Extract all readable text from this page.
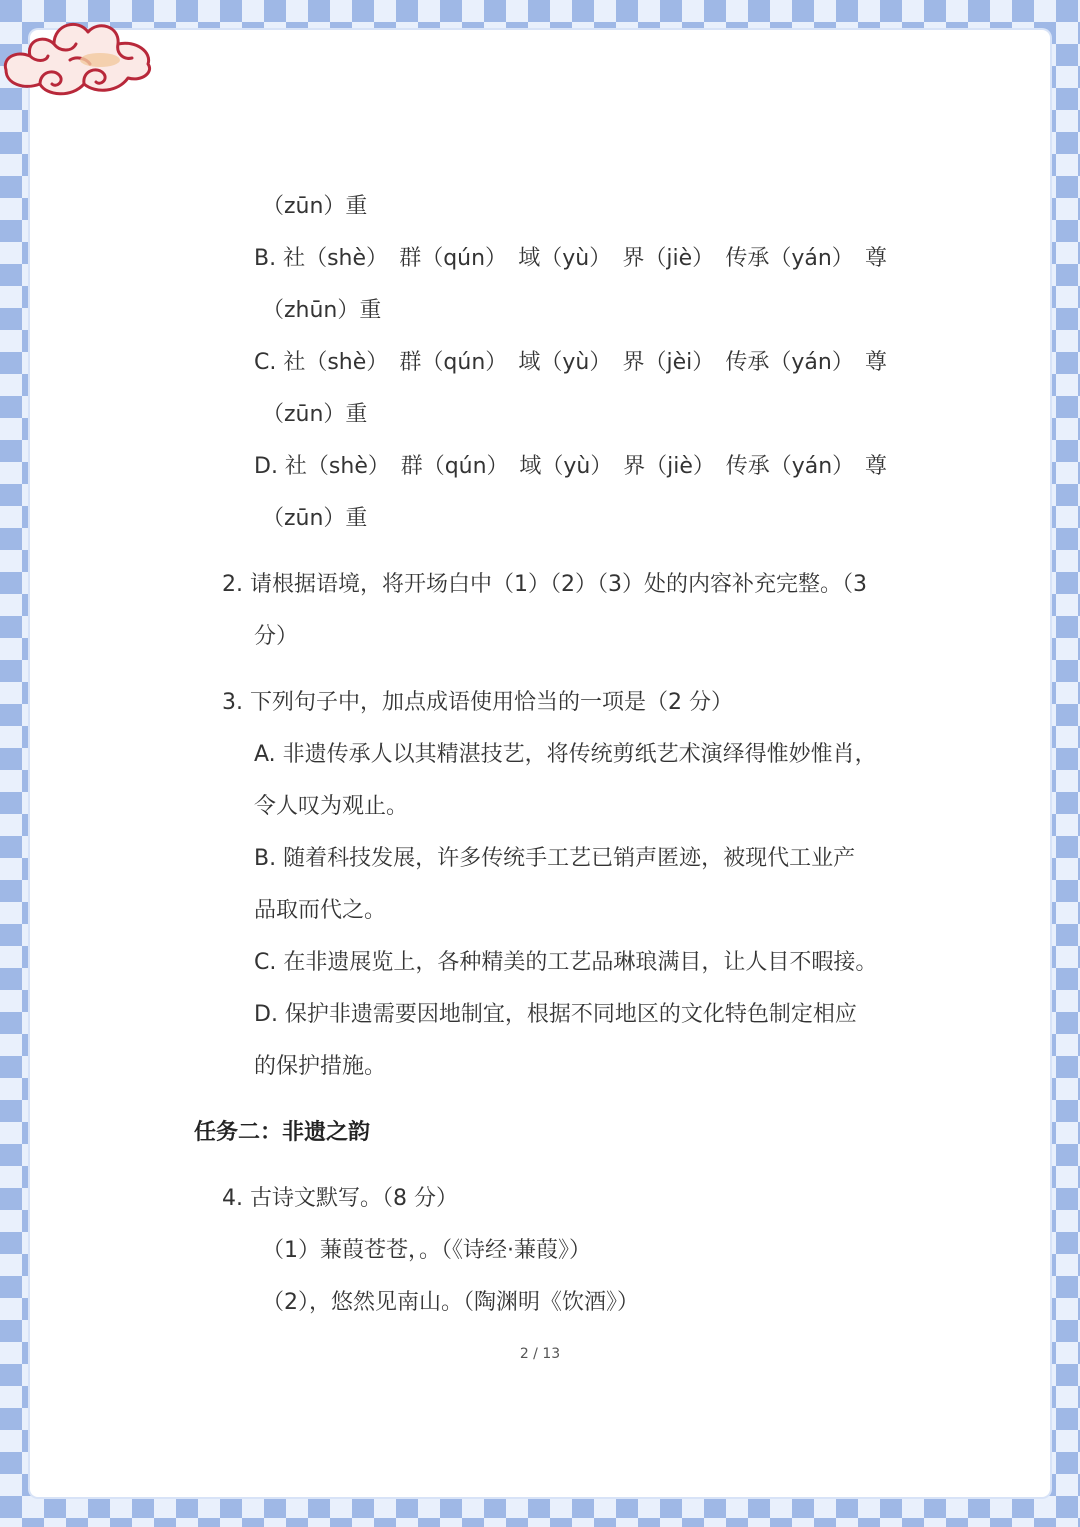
（zūn）重
B. 社（shè） 群（qún） 域（yù） 界（jiè） 传承（yán） 尊
（zhūn）重
C. 社（shè） 群（qún） 域（yù） 界（jèi） 传承（yán） 尊
（zūn）重
D. 社（shè） 群（qún） 域（yù） 界（jiè） 传承（yán） 尊
（zūn）重
2. 请根据语境，将开场白中（1）（2）（3）处的内容补充完整。（3
分）
3. 下列句子中，加点成语使用恰当的一项是（2 分）
A. 非遗传承人以其精湛技艺，将传统剪纸艺术演绎得惟妙惟肖，
令人叹为观止。
B. 随着科技发展，许多传统手工艺已销声匿迹，被现代工业产
品取而代之。
C. 在非遗展览上，各种精美的工艺品琳琅满目，让人目不暇接。
D. 保护非遗需要因地制宜，根据不同地区的文化特色制定相应
的保护措施。
任务二：非遗之韵
4. 古诗文默写。（8 分）
（1）蒹葭苍苍，。（《诗经·蒹葭》）
（2），悠然见南山。（陶渊明《饮酒》）
2 / 13
